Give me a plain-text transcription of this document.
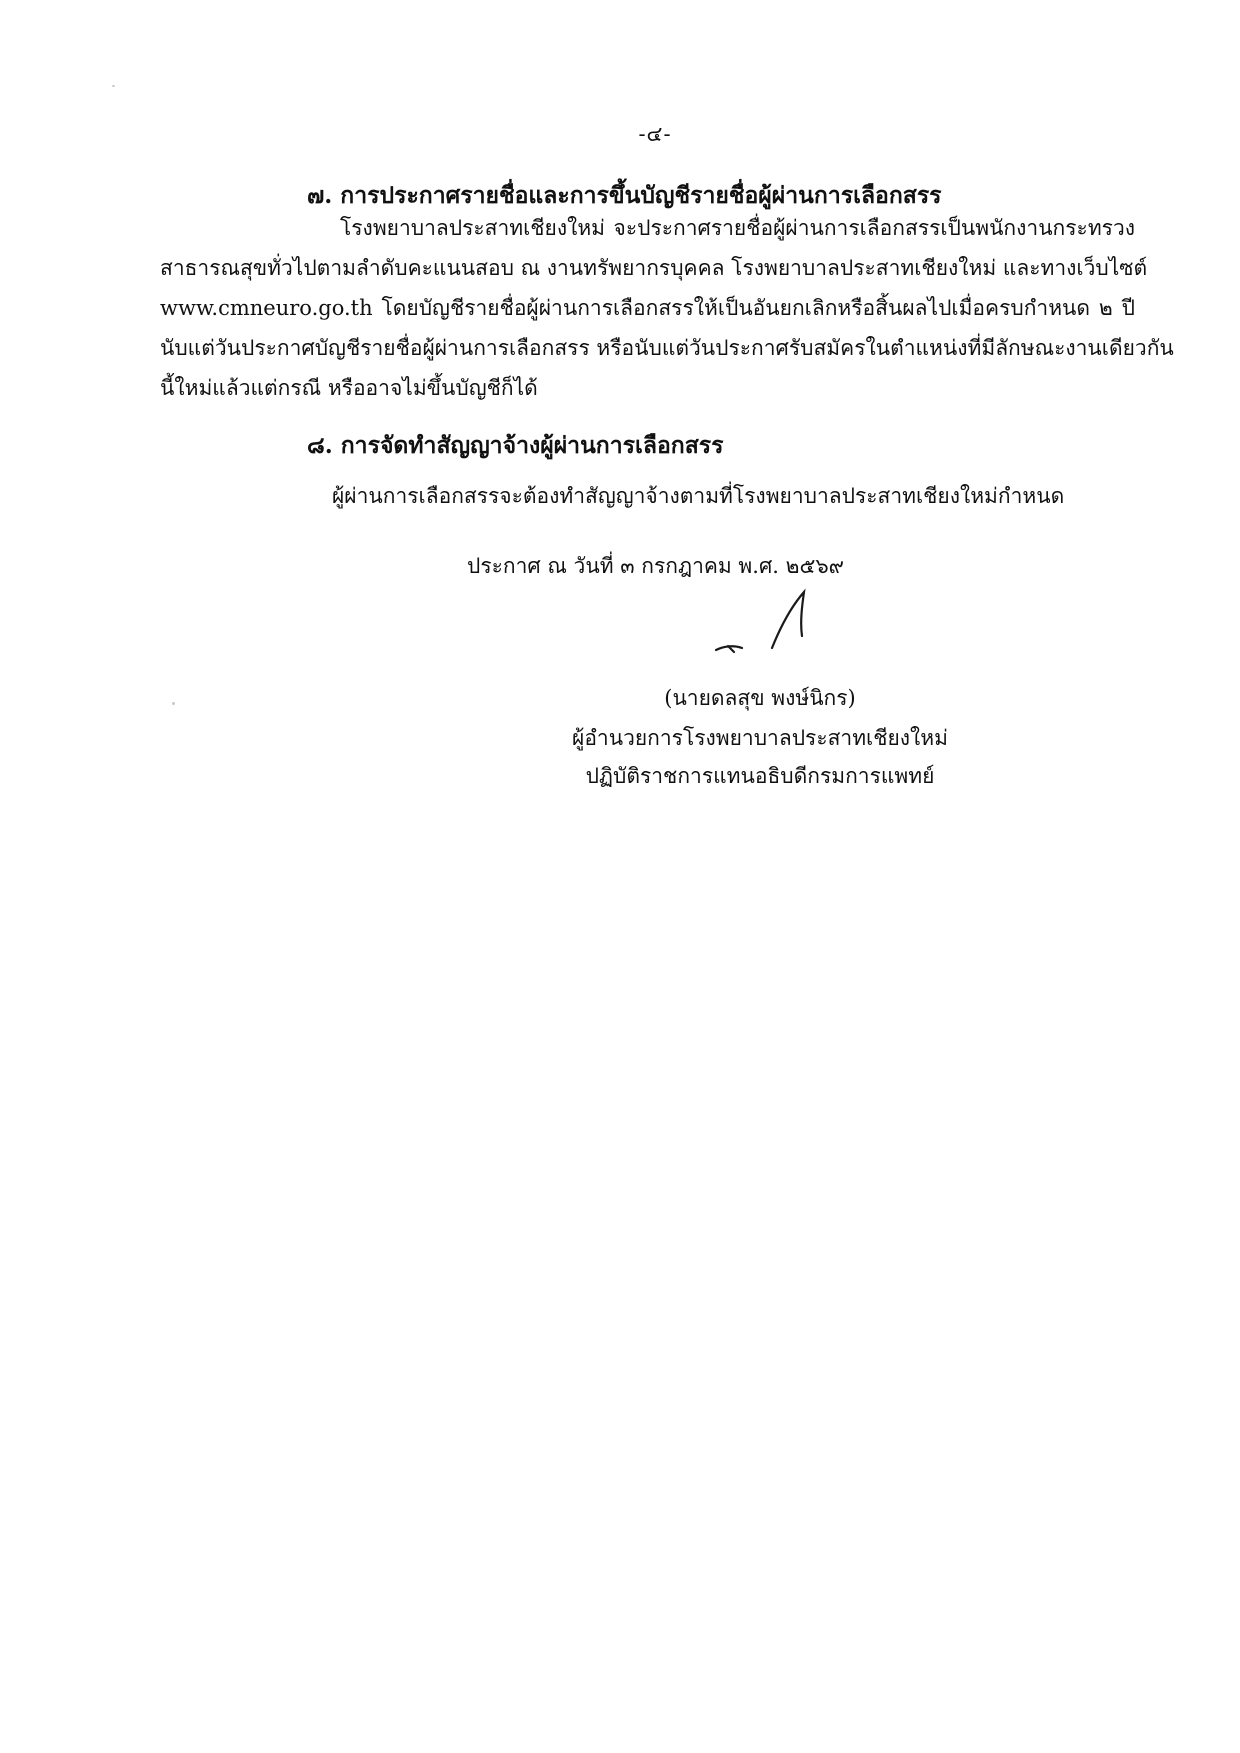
-๔-
๗. การประกาศรายชื่อและการขึ้นบัญชีรายชื่อผู้ผ่านการเลือกสรร
โรงพยาบาลประสาทเชียงใหม่ จะประกาศรายชื่อผู้ผ่านการเลือกสรรเป็นพนักงานกระทรวง
สาธารณสุขทั่วไปตามลำดับคะแนนสอบ ณ งานทรัพยากรบุคคล โรงพยาบาลประสาทเชียงใหม่ และทางเว็บไซต์
www.cmneuro.go.th โดยบัญชีรายชื่อผู้ผ่านการเลือกสรรให้เป็นอันยกเลิกหรือสิ้นผลไปเมื่อครบกำหนด ๒ ปี
นับแต่วันประกาศบัญชีรายชื่อผู้ผ่านการเลือกสรร หรือนับแต่วันประกาศรับสมัครในตำแหน่งที่มีลักษณะงานเดียวกัน
นี้ใหม่แล้วแต่กรณี หรืออาจไม่ขึ้นบัญชีก็ได้
๘. การจัดทำสัญญาจ้างผู้ผ่านการเลือกสรร
ผู้ผ่านการเลือกสรรจะต้องทำสัญญาจ้างตามที่โรงพยาบาลประสาทเชียงใหม่กำหนด
ประกาศ ณ วันที่ ๓ กรกฎาคม พ.ศ. ๒๕๖๙
(นายดลสุข พงษ์นิกร)
ผู้อำนวยการโรงพยาบาลประสาทเชียงใหม่
ปฏิบัติราชการแทนอธิบดีกรมการแพทย์
